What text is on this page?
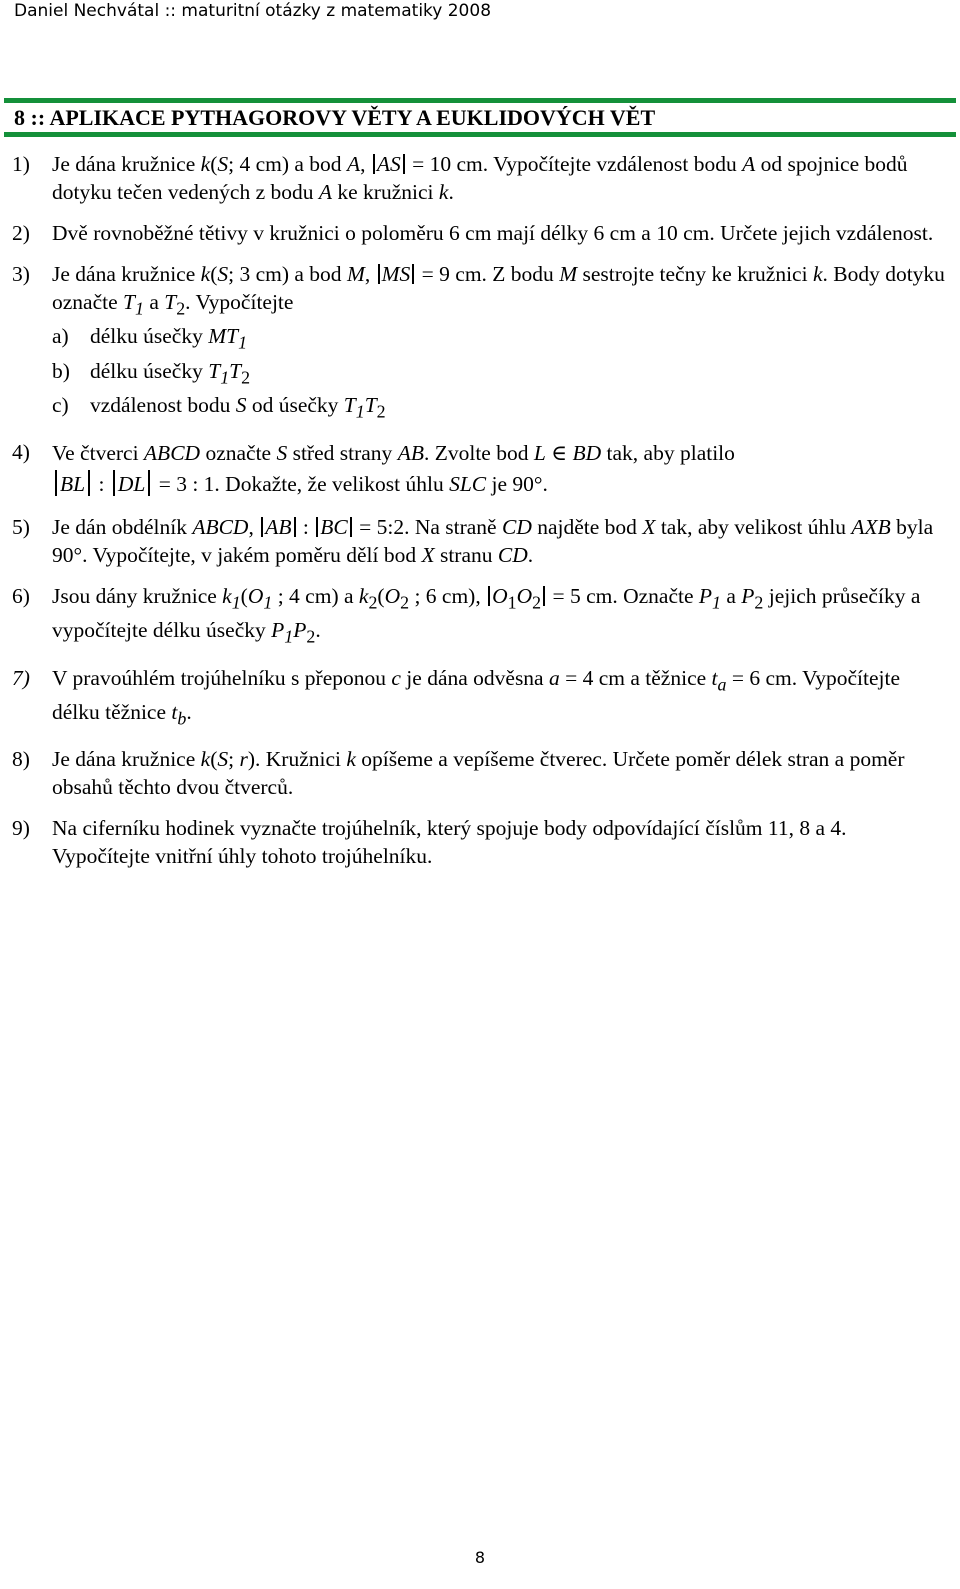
Daniel Nechvátal :: maturitní otázky z matematiky 2008
8 :: APLIKACE PYTHAGOROVY VĚTY A EUKLIDOVÝCH VĚT
1)	Je dána kružnice k(S; 4 cm) a bod A, AS = 10 cm. Vypočítejte vzdálenost bodu A od spojnice bodů dotyku tečen vedených z bodu A ke kružnici k.
2)	Dvě rovnoběžné tětivy v kružnici o poloměru 6 cm mají délky 6 cm a 10 cm. Určete jejich vzdálenost.
3)	Je dána kružnice k(S; 3 cm) a bod M, MS = 9 cm. Z bodu M sestrojte tečny ke kružnici k. Body dotyku označte $T_1$ a $T_2$. Vypočítejte
a) délku úsečky $MT_1$
b) délku úsečky $T_1T_2$
c) vzdálenost bodu S od úsečky $T_1T_2$
4)	Ve čtverci ABCD označte S střed strany AB. Zvolte bod L ∈ BD tak, aby platilo
BL : DL = 3 : 1. Dokažte, že velikost úhlu SLC je 90°.
5)	Je dán obdélník ABCD, AB : BC = 5:2. Na straně CD najděte bod X tak, aby velikost úhlu AXB byla 90°. Vypočítejte, v jakém poměru dělí bod X stranu CD.
6)	Jsou dány kružnice $k_1(O_1$ ; 4 cm) a $k_2(O_2$ ; 6 cm), $O_1O_2 = 5$ cm. Označte $P_1$ a $P_2$ jejich průsečíky a vypočítejte délku úsečky $P_1P_2$.
7)	V pravoúhlém trojúhelníku s přeponou c je dána odvěsna a = 4 cm a těžnice $t_a = 6$ cm. Vypočítejte délku těžnice $t_b$.
8)	Je dána kružnice k(S; r). Kružnici k opíšeme a vepíšeme čtverec. Určete poměr délek stran a poměr obsahů těchto dvou čtverců.
9)	Na ciferníku hodinek vyznačte trojúhelník, který spojuje body odpovídající číslům 11, 8 a 4. Vypočítejte vnitřní úhly tohoto trojúhelníku.
8
